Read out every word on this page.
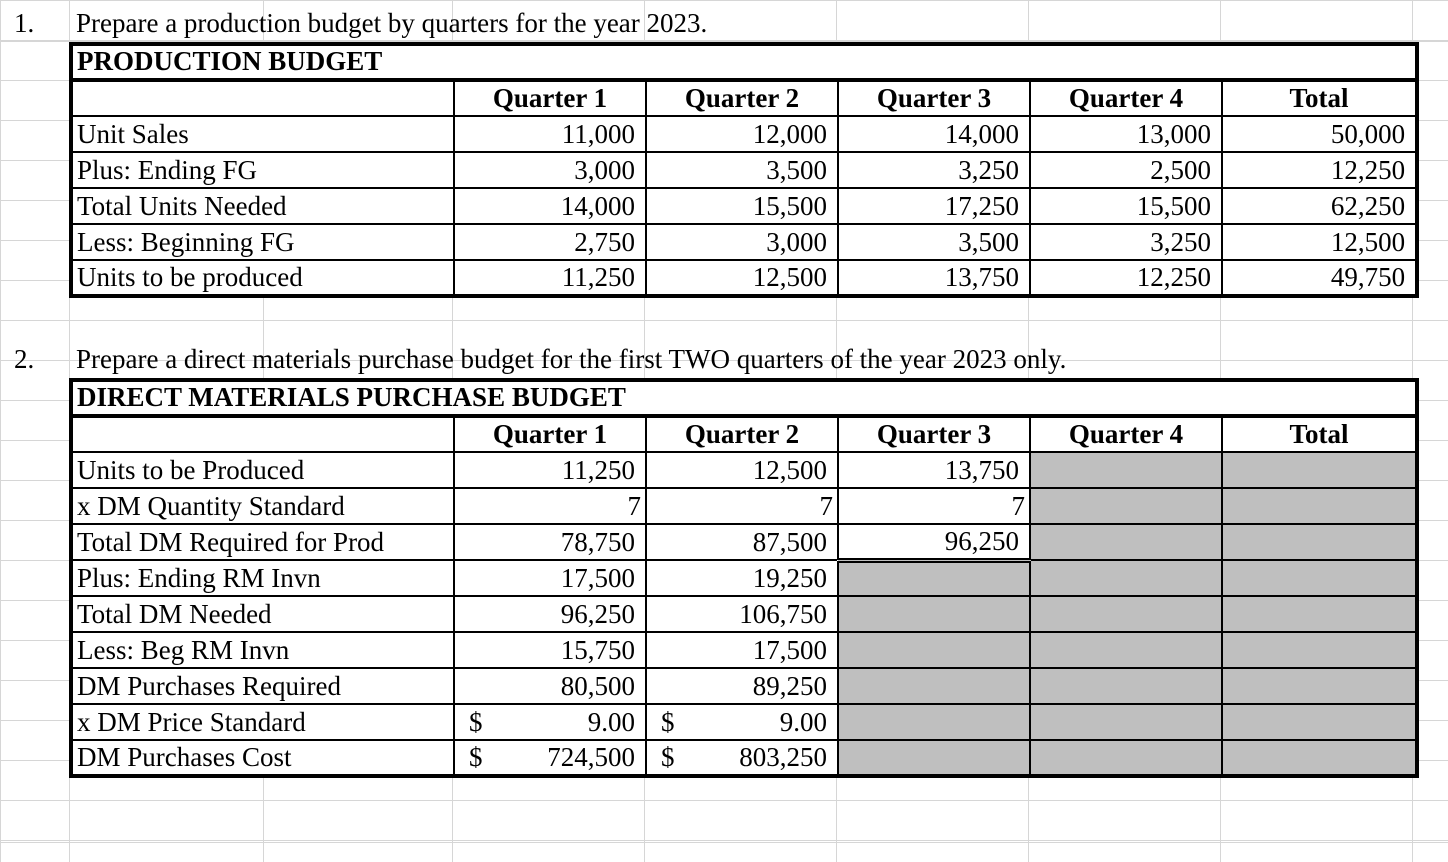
1. Prepare a production budget by quarters for the year 2023.
PRODUCTION BUDGET					
	Quarter 1	Quarter 2	Quarter 3	Quarter 4	Total
Unit Sales	11,000	12,000	14,000	13,000	50,000
Plus: Ending FG	3,000	3,500	3,250	2,500	12,250
Total Units Needed	14,000	15,500	17,250	15,500	62,250
Less: Beginning FG	2,750	3,000	3,500	3,250	12,500
Units to be produced	11,250	12,500	13,750	12,250	49,750
2. Prepare a direct materials purchase budget for the first TWO quarters of the year 2023 only.
DIRECT MATERIALS PURCHASE BUDGET					
	Quarter 1	Quarter 2	Quarter 3	Quarter 4	Total
Units to be Produced	11,250	12,500	13,750		
x DM Quantity Standard	7	7	7		
Total DM Required for Prod	78,750	87,500	96,250		
Plus: Ending RM Invn	17,500	19,250			
Total DM Needed	96,250	106,750			
Less: Beg RM Invn	15,750	17,500			
DM Purchases Required	80,500	89,250			
x DM Price Standard	$ 9.00	$ 9.00			
DM Purchases Cost	$ 724,500	$ 803,250			
